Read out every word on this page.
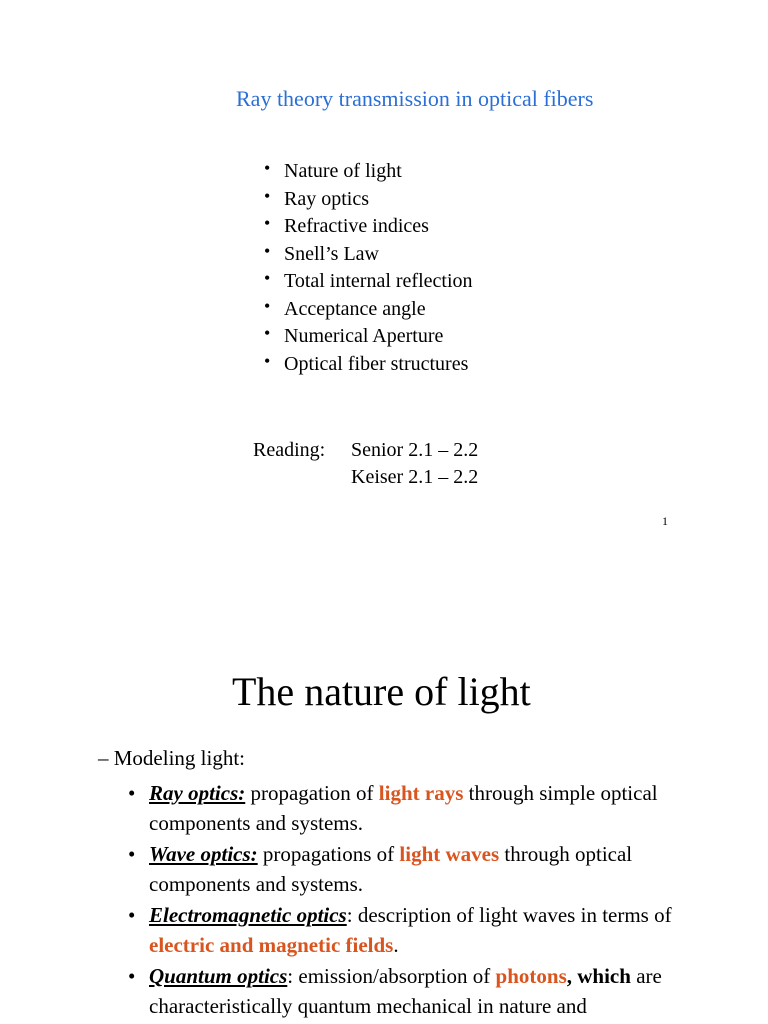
Ray theory transmission in optical fibers
• Nature of light
• Ray optics
• Refractive indices
• Snell’s Law
• Total internal reflection
• Acceptance angle
• Numerical Aperture
• Optical fiber structures
Reading: Senior 2.1 – 2.2
Keiser 2.1 – 2.2
1
The nature of light
– Modeling light:
• Ray optics: propagation of light rays through simple optical components and systems.
• Wave optics: propagations of light waves through optical components and systems.
• Electromagnetic optics: description of light waves in terms of electric and magnetic fields.
• Quantum optics: emission/absorption of photons, which are characteristically quantum mechanical in nature and
